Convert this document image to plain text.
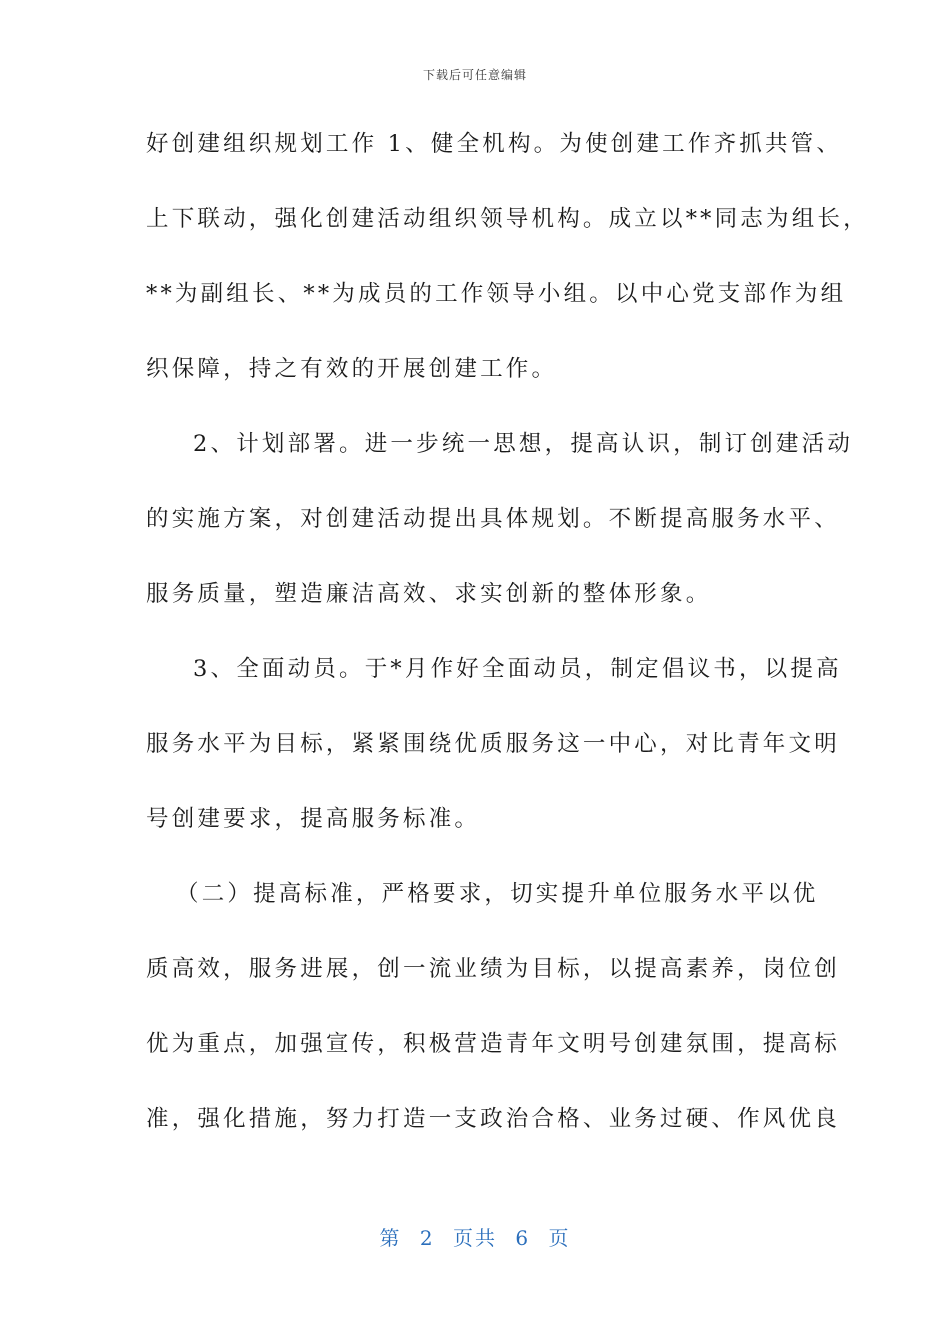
下载后可任意编辑
好创建组织规划工作 1、健全机构。为使创建工作齐抓共管、
上下联动，强化创建活动组织领导机构。成立以**同志为组长，
**为副组长、**为成员的工作领导小组。以中心党支部作为组
织保障，持之有效的开展创建工作。
2、计划部署。进一步统一思想，提高认识，制订创建活动
的实施方案，对创建活动提出具体规划。不断提高服务水平、
服务质量，塑造廉洁高效、求实创新的整体形象。
3、全面动员。于*月作好全面动员，制定倡议书，以提高
服务水平为目标，紧紧围绕优质服务这一中心，对比青年文明
号创建要求，提高服务标准。
（二）提高标准，严格要求，切实提升单位服务水平以优
质高效，服务进展，创一流业绩为目标，以提高素养，岗位创
优为重点，加强宣传，积极营造青年文明号创建氛围，提高标
准，强化措施，努力打造一支政治合格、业务过硬、作风优良
第 2 页共 6 页
